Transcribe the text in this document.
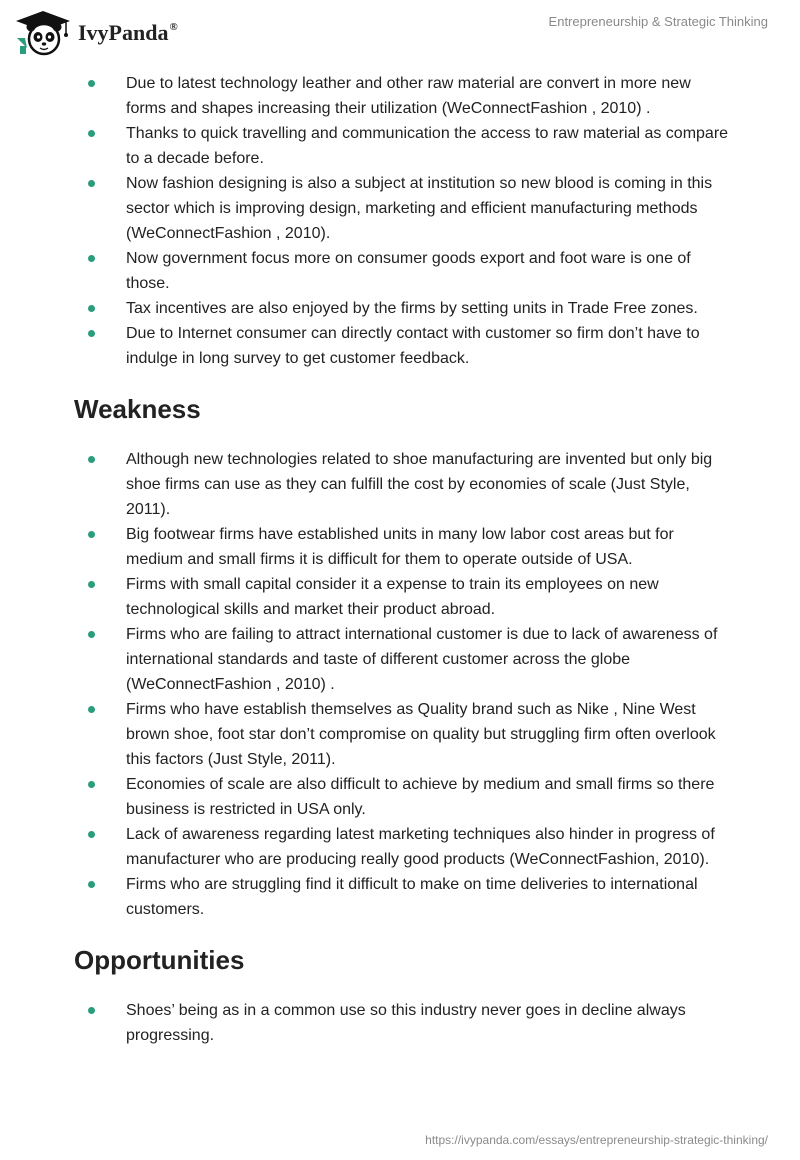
IvyPanda®	Entrepreneurship & Strategic Thinking
Due to latest technology leather and other raw material are convert in more new forms and shapes increasing their utilization (WeConnectFashion , 2010) .
Thanks to quick travelling and communication the access to raw material as compare to a decade before.
Now fashion designing is also a subject at institution so new blood is coming in this sector which is improving design, marketing and efficient manufacturing methods (WeConnectFashion , 2010).
Now government focus more on consumer goods export and foot ware is one of those.
Tax incentives are also enjoyed by the firms by setting units in Trade Free zones.
Due to Internet consumer can directly contact with customer so firm don’t have to indulge in long survey to get customer feedback.
Weakness
Although new technologies related to shoe manufacturing are invented but only big shoe firms can use as they can fulfill the cost by economies of scale (Just Style, 2011).
Big footwear firms have established units in many low labor cost areas but for medium and small firms it is difficult for them to operate outside of USA.
Firms with small capital consider it a expense to train its employees on new technological skills and market their product abroad.
Firms who are failing to attract international customer is due to lack of awareness of international standards and taste of different customer across the globe (WeConnectFashion , 2010) .
Firms who have establish themselves as Quality brand such as Nike , Nine West brown shoe, foot star don’t compromise on quality but struggling firm often overlook this factors (Just Style, 2011).
Economies of scale are also difficult to achieve by medium and small firms so there business is restricted in USA only.
Lack of awareness regarding latest marketing techniques also hinder in progress of manufacturer who are producing really good products (WeConnectFashion, 2010).
Firms who are struggling find it difficult to make on time deliveries to international customers.
Opportunities
Shoes’ being as in a common use so this industry never goes in decline always progressing.
https://ivypanda.com/essays/entrepreneurship-strategic-thinking/
